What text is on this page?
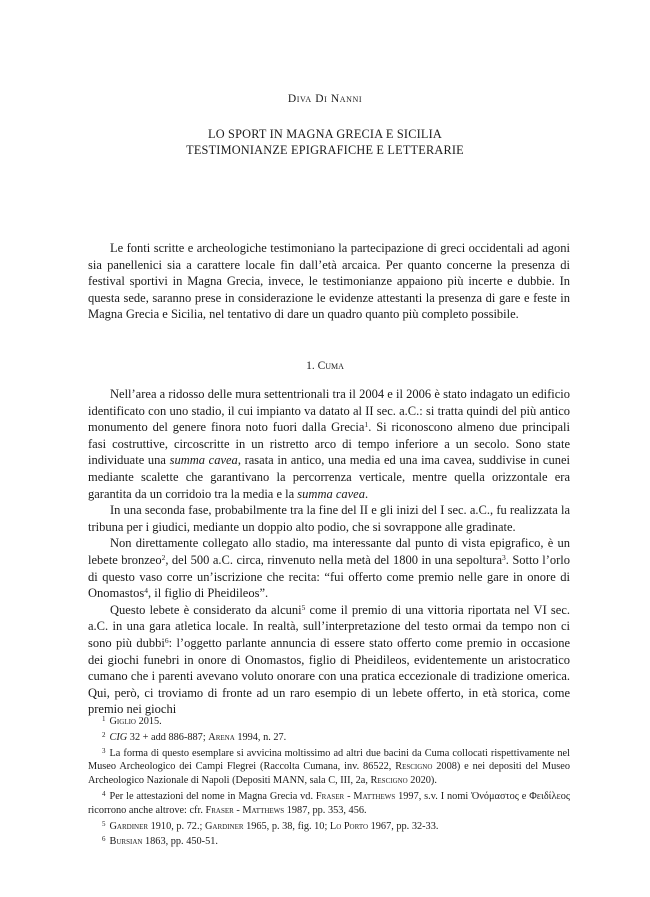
Diva Di Nanni
LO SPORT IN MAGNA GRECIA E SICILIA
TESTIMONIANZE EPIGRAFICHE E LETTERARIE

Le fonti scritte e archeologiche testimoniano la partecipazione di greci occidentali ad agoni sia panellenici sia a carattere locale fin dall’età arcaica. Per quanto concerne la presenza di festival sportivi in Magna Grecia, invece, le testimonianze appaiono più incerte e dubbie. In questa sede, saranno prese in considerazione le evidenze attestanti la presenza di gare e feste in Magna Grecia e Sicilia, nel tentativo di dare un quadro quanto più completo possibile.

1. Cuma

Nell’area a ridosso delle mura settentrionali tra il 2004 e il 2006 è stato indagato un edificio identificato con uno stadio, il cui impianto va datato al II sec. a.C.: si tratta quindi del più antico monumento del genere finora noto fuori dalla Grecia$^1$. Si riconoscono almeno due principali fasi costruttive, circoscritte in un ristretto arco di tempo inferiore a un secolo. Sono state individuate una summa cavea, rasata in antico, una media ed una ima cavea, suddivise in cunei mediante scalette che garantivano la percorrenza verticale, mentre quella orizzontale era garantita da un corridoio tra la media e la summa cavea.

In una seconda fase, probabilmente tra la fine del II e gli inizi del I sec. a.C., fu realizzata la tribuna per i giudici, mediante un doppio alto podio, che si sovrappone alle gradinate.

Non direttamente collegato allo stadio, ma interessante dal punto di vista epigrafico, è un lebete bronzeo$^2$, del 500 a.C. circa, rinvenuto nella metà del 1800 in una sepoltura$^3$. Sotto l’orlo di questo vaso corre un’iscrizione che recita: “fui offerto come premio nelle gare in onore di Onomastos$^4$, il figlio di Pheidileos”.

Questo lebete è considerato da alcuni$^5$ come il premio di una vittoria riportata nel VI sec. a.C. in una gara atletica locale. In realtà, sull’interpretazione del testo ormai da tempo non ci sono più dubbi$^6$: l’oggetto parlante annuncia di essere stato offerto come premio in occasione dei giochi funebri in onore di Onomastos, figlio di Pheidileos, evidentemente un aristocratico cumano che i parenti avevano voluto onorare con una pratica eccezionale di tradizione omerica. Qui, però, ci troviamo di fronte ad un raro esempio di un lebete offerto, in età storica, come premio nei giochi

$^1$ Giglio 2015.

$^2$ CIG 32 + add 886-887; Arena 1994, n. 27.

$^3$ La forma di questo esemplare si avvicina moltissimo ad altri due bacini da Cuma collocati rispettivamente nel Museo Archeologico dei Campi Flegrei (Raccolta Cumana, inv. 86522, Rescigno 2008) e nei depositi del Museo Archeologico Nazionale di Napoli (Depositi MANN, sala C, III, 2a, Rescigno 2020).

$^4$ Per le attestazioni del nome in Magna Grecia vd. Fraser - Matthews 1997, s.v. I nomi Ὀνόμαστος e Φειδίλεος ricorrono anche altrove: cfr. Fraser - Matthews 1987, pp. 353, 456.

$^5$ Gardiner 1910, p. 72.; Gardiner 1965, p. 38, fig. 10; Lo Porto 1967, pp. 32-33.

$^6$ Bursian 1863, pp. 450-51.
